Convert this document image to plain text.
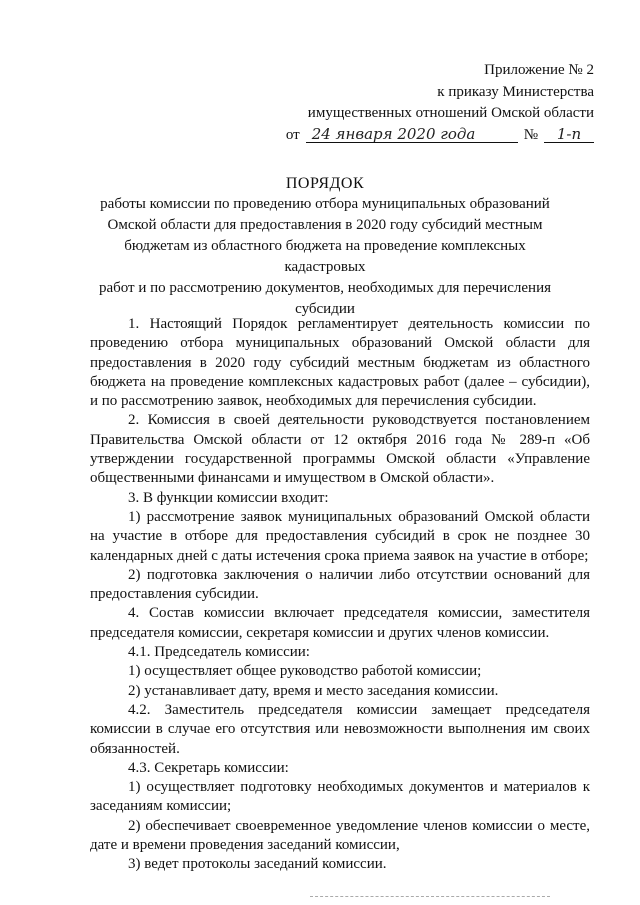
Приложение № 2
к приказу Министерства
имущественных отношений Омской области
от 24 января 2020 года	№	1-п
ПОРЯДОК
работы комиссии по проведению отбора муниципальных образований
Омской области для предоставления в 2020 году субсидий местным
бюджетам из областного бюджета на проведение комплексных кадастровых
работ и по рассмотрению документов, необходимых для перечисления
субсидии

1. Настоящий Порядок регламентирует деятельность комиссии по проведению отбора муниципальных образований Омской области для предоставления в 2020 году субсидий местным бюджетам из областного бюджета на проведение комплексных кадастровых работ (далее – субсидии), и по рассмотрению заявок, необходимых для перечисления субсидии.

2. Комиссия в своей деятельности руководствуется постановлением Правительства Омской области от 12 октября 2016 года № 289-п «Об утверждении государственной программы Омской области «Управление общественными финансами и имуществом в Омской области».

3. В функции комиссии входит:

1) рассмотрение заявок муниципальных образований Омской области на участие в отборе для предоставления субсидий в срок не позднее 30 календарных дней с даты истечения срока приема заявок на участие в отборе;

2) подготовка заключения о наличии либо отсутствии оснований для предоставления субсидии.

4. Состав комиссии включает председателя комиссии, заместителя председателя комиссии, секретаря комиссии и других членов комиссии.

4.1. Председатель комиссии:

1) осуществляет общее руководство работой комиссии;

2) устанавливает дату, время и место заседания комиссии.

4.2. Заместитель председателя комиссии замещает председателя комиссии в случае его отсутствия или невозможности выполнения им своих обязанностей.

4.3. Секретарь комиссии:

1) осуществляет подготовку необходимых документов и материалов к заседаниям комиссии;

2) обеспечивает своевременное уведомление членов комиссии о месте, дате и времени проведения заседаний комиссии,

3) ведет протоколы заседаний комиссии.
